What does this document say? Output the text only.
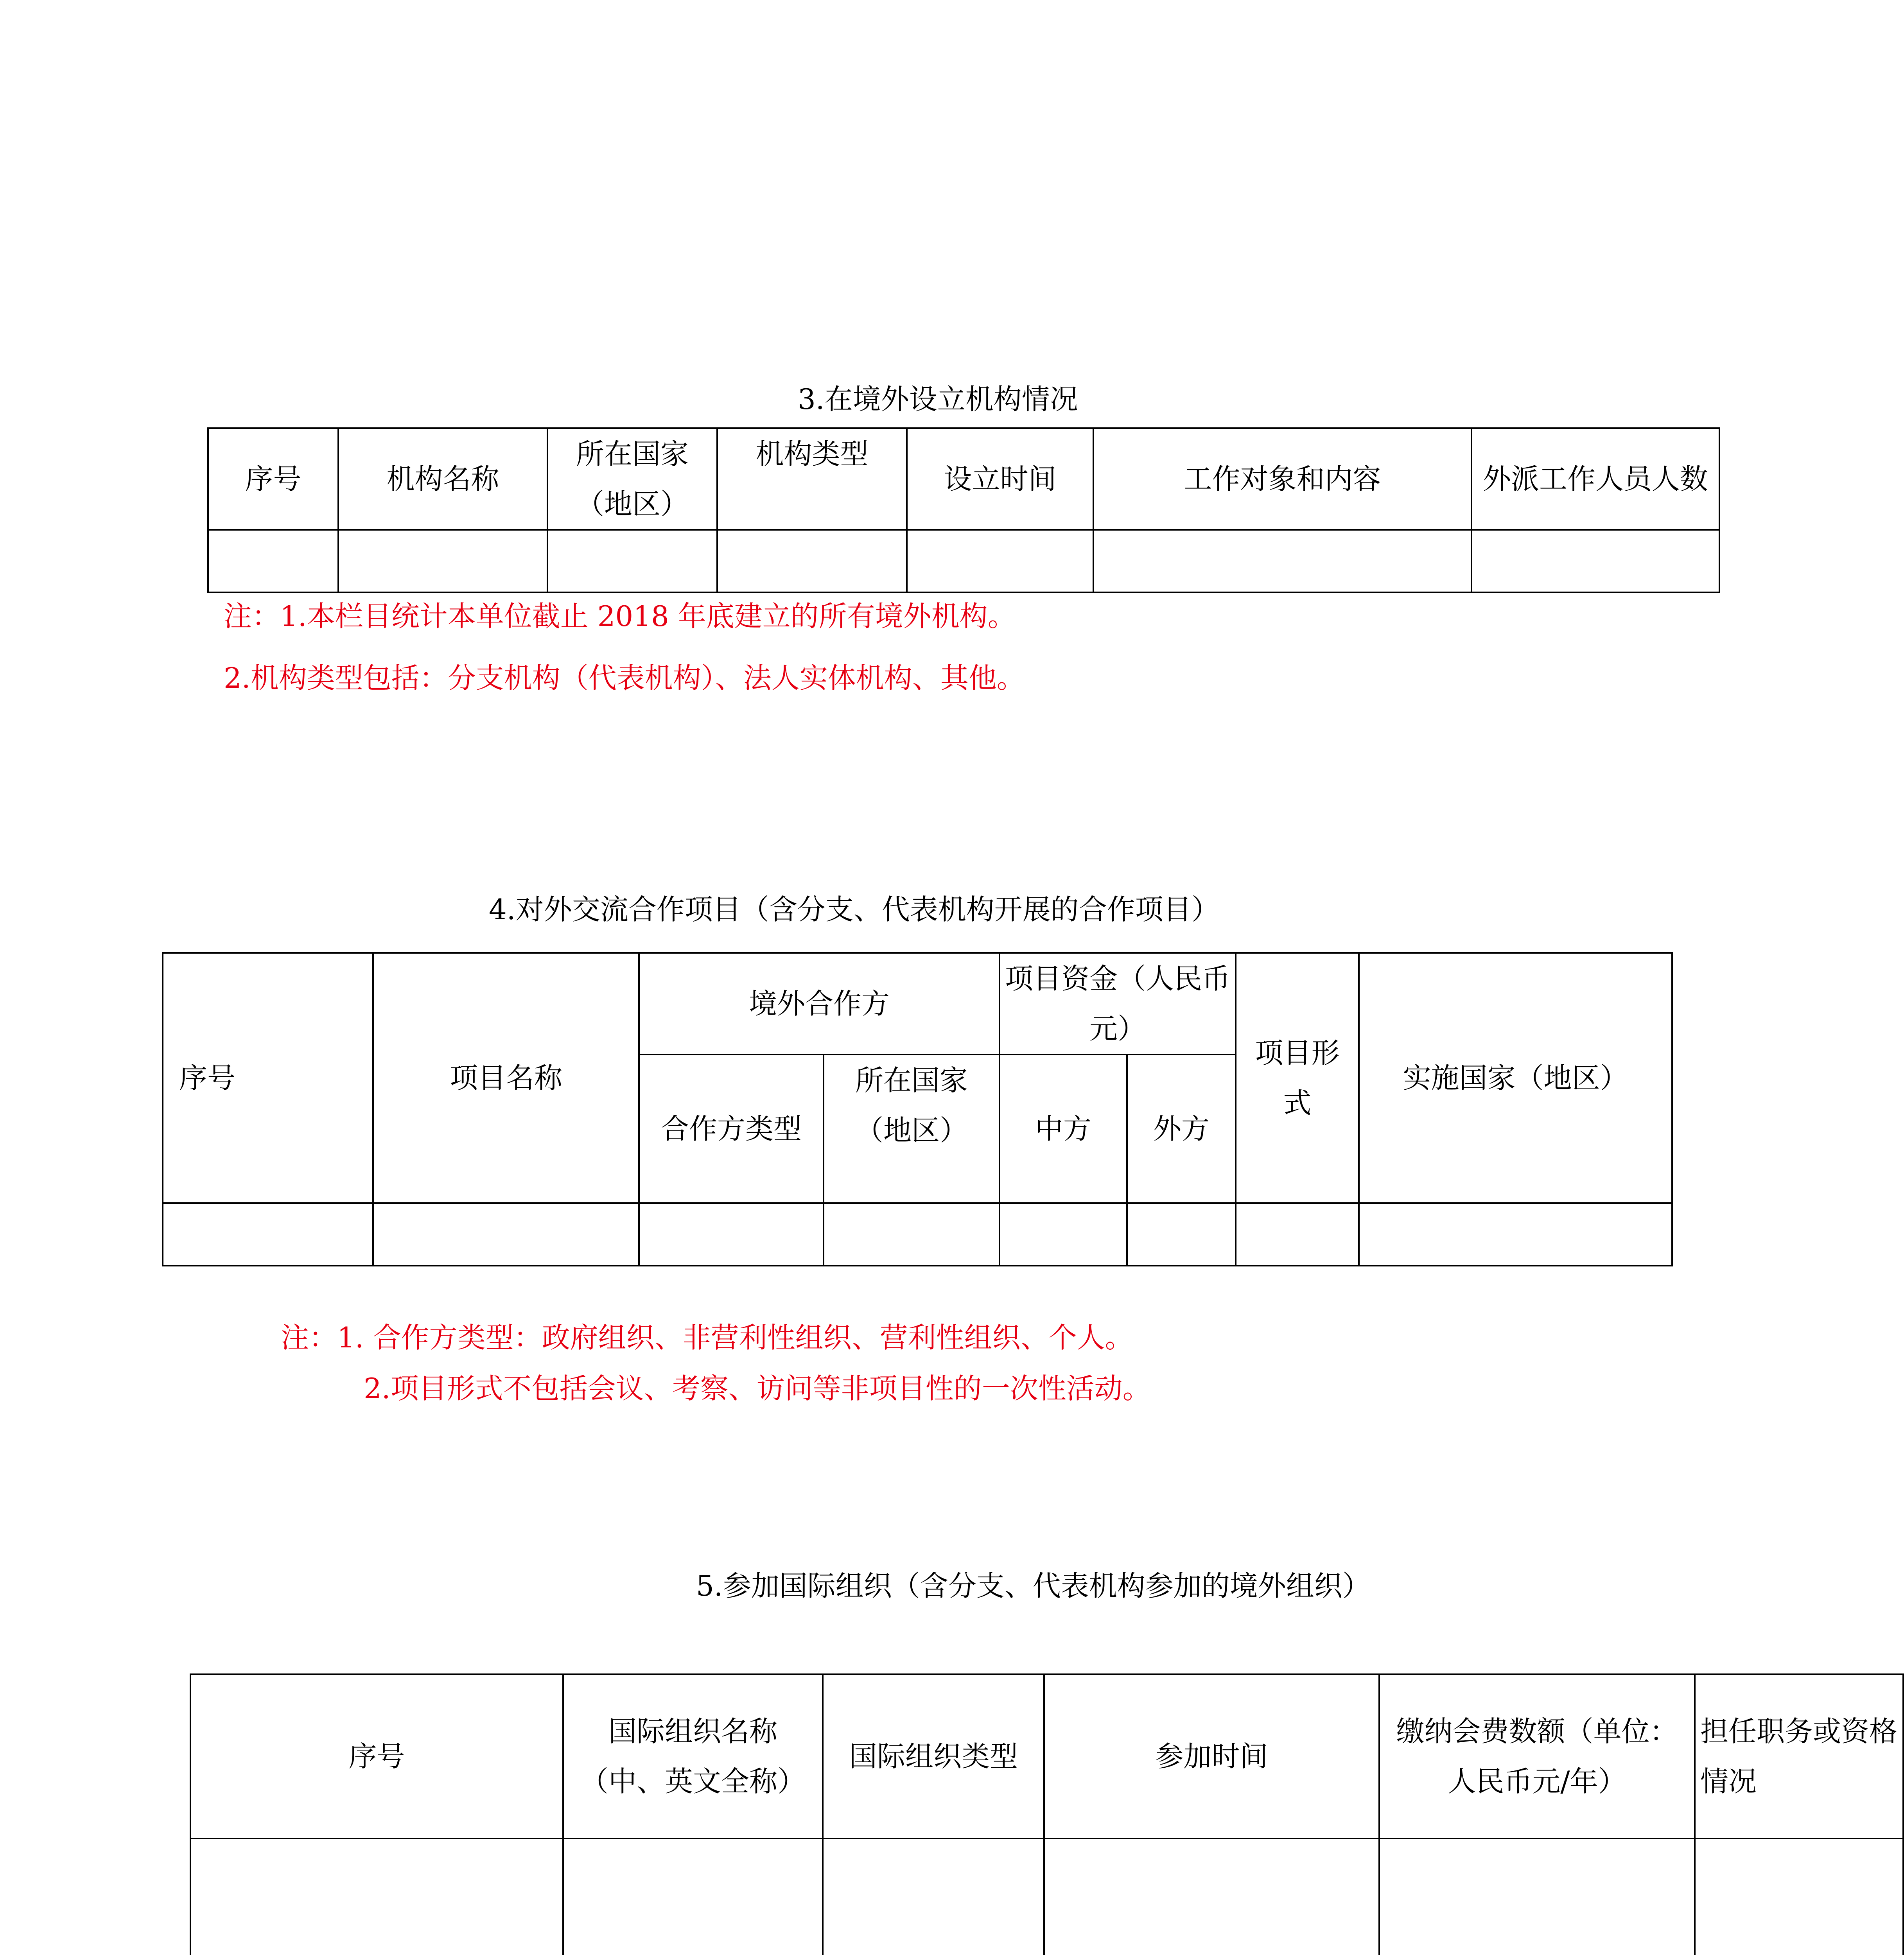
3.在境外设立机构情况
序号	机构名称	所在国家（地区）	机构类型	设立时间	工作对象和内容	外派工作人员人数

注：1.本栏目统计本单位截止 2018 年底建立的所有境外机构。
2.机构类型包括：分支机构（代表机构）、法人实体机构、其他。
4.对外交流合作项目（含分支、代表机构开展的合作项目）
序号	项目名称	境外合作方		项目资金（人民币元）		项目形式	实施国家（地区）
		合作方类型	所在国家（地区）	中方	外方		

注：1. 合作方类型：政府组织、非营利性组织、营利性组织、个人。
2.项目形式不包括会议、考察、访问等非项目性的一次性活动。
5.参加国际组织（含分支、代表机构参加的境外组织）
序号	国际组织名称（中、英文全称）	国际组织类型	参加时间	缴纳会费数额（单位：人民币元/年）	担任职务或资格情况
